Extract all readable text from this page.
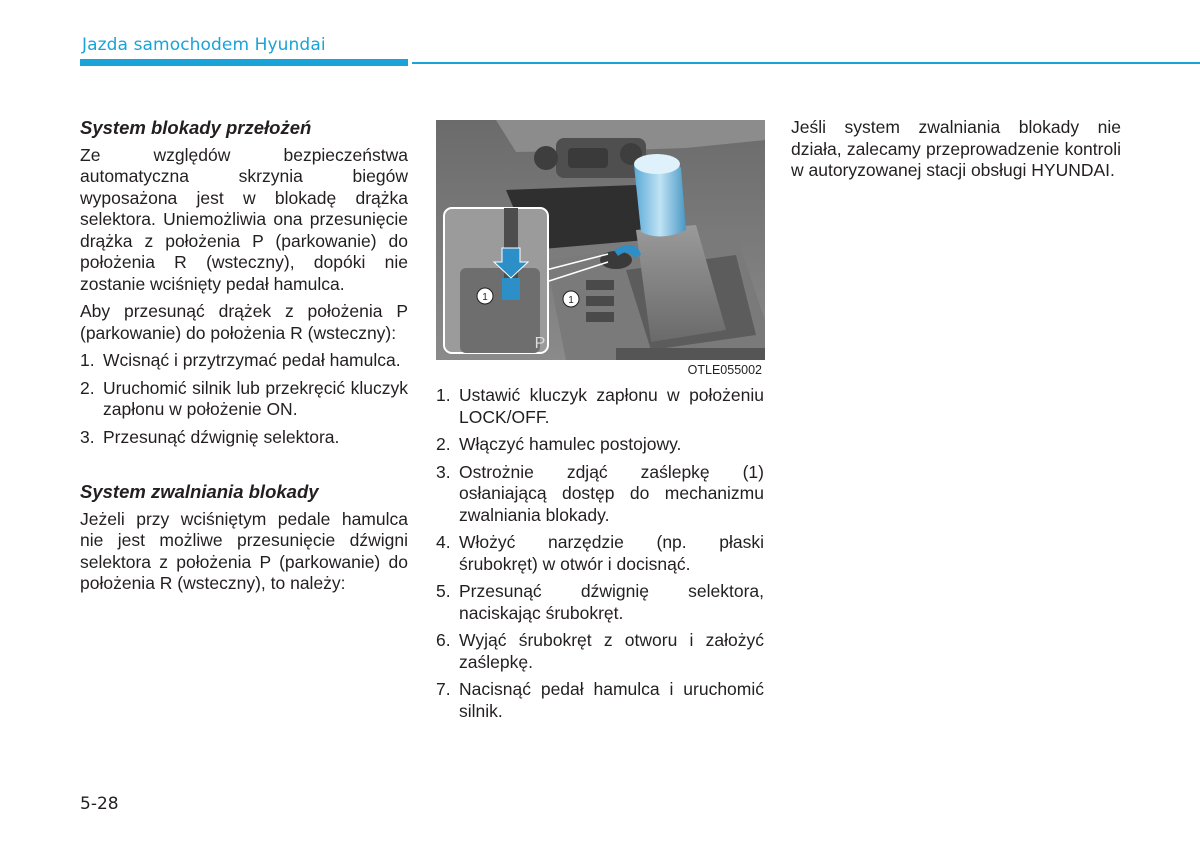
Jazda samochodem Hyundai

System blokady przełożeń

Ze względów bezpieczeństwa automatyczna skrzynia biegów wyposażona jest w blokadę drążka selektora. Uniemożliwia ona przesunięcie drążka z położenia P (parkowanie) do położenia R (wsteczny), dopóki nie zostanie wciśnięty pedał hamulca.

Aby przesunąć drążek z położenia P (parkowanie) do położenia R (wsteczny):

1. Wcisnąć i przytrzymać pedał hamulca.
2. Uruchomić silnik lub przekręcić kluczyk zapłonu w położenie ON.
3. Przesunąć dźwignię selektora.

System zwalniania blokady

Jeżeli przy wciśniętym pedale hamulca nie jest możliwe przesunięcie dźwigni selektora z położenia P (parkowanie) do położenia R (wsteczny), to należy:

1	1
P
OTLE055002
1. Ustawić kluczyk zapłonu w położeniu LOCK/OFF.
2. Włączyć hamulec postojowy.
3. Ostrożnie zdjąć zaślepkę (1) osłaniającą dostęp do mechanizmu zwalniania blokady.
4. Włożyć narzędzie (np. płaski śrubokręt) w otwór i docisnąć.
5. Przesunąć dźwignię selektora, naciskając śrubokręt.
6. Wyjąć śrubokręt z otworu i założyć zaślepkę.
7. Nacisnąć pedał hamulca i uruchomić silnik.

Jeśli system zwalniania blokady nie działa, zalecamy przeprowadzenie kontroli w autoryzowanej stacji obsługi HYUNDAI.

5-28
